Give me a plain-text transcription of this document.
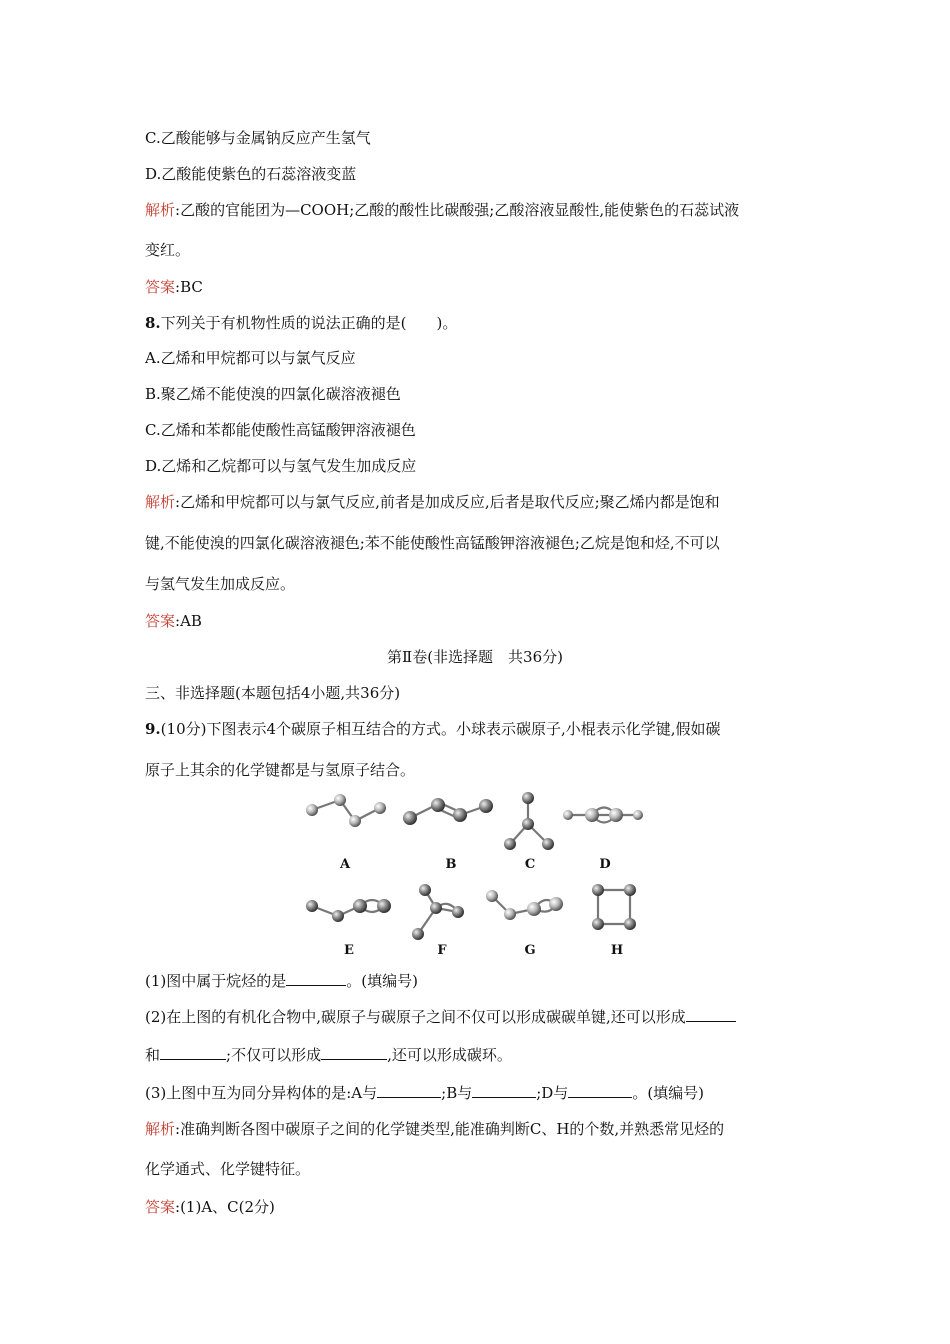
C.乙酸能够与金属钠反应产生氢气
D.乙酸能使紫色的石蕊溶液变蓝
解析:乙酸的官能团为—COOH;乙酸的酸性比碳酸强;乙酸溶液显酸性,能使紫色的石蕊试液
变红。
答案:BC
8.下列关于有机物性质的说法正确的是(　　)。
A.乙烯和甲烷都可以与氯气反应
B.聚乙烯不能使溴的四氯化碳溶液褪色
C.乙烯和苯都能使酸性高锰酸钾溶液褪色
D.乙烯和乙烷都可以与氢气发生加成反应
解析:乙烯和甲烷都可以与氯气反应,前者是加成反应,后者是取代反应;聚乙烯内都是饱和
键,不能使溴的四氯化碳溶液褪色;苯不能使酸性高锰酸钾溶液褪色;乙烷是饱和烃,不可以
与氢气发生加成反应。
答案:AB
第Ⅱ卷(非选择题　共36分)
三、非选择题(本题包括4小题,共36分)
9.(10分)下图表示4个碳原子相互结合的方式。小球表示碳原子,小棍表示化学键,假如碳
原子上其余的化学键都是与氢原子结合。
A	B	C	D
E	F	G	H
(1)图中属于烷烃的是	。(填编号)
(2)在上图的有机化合物中,碳原子与碳原子之间不仅可以形成碳碳单键,还可以形成
和	;不仅可以形成	,还可以形成碳环。
(3)上图中互为同分异构体的是:A与	;B与	;D与	。(填编号)
解析:准确判断各图中碳原子之间的化学键类型,能准确判断C、H的个数,并熟悉常见烃的
化学通式、化学键特征。
答案:(1)A、C(2分)
